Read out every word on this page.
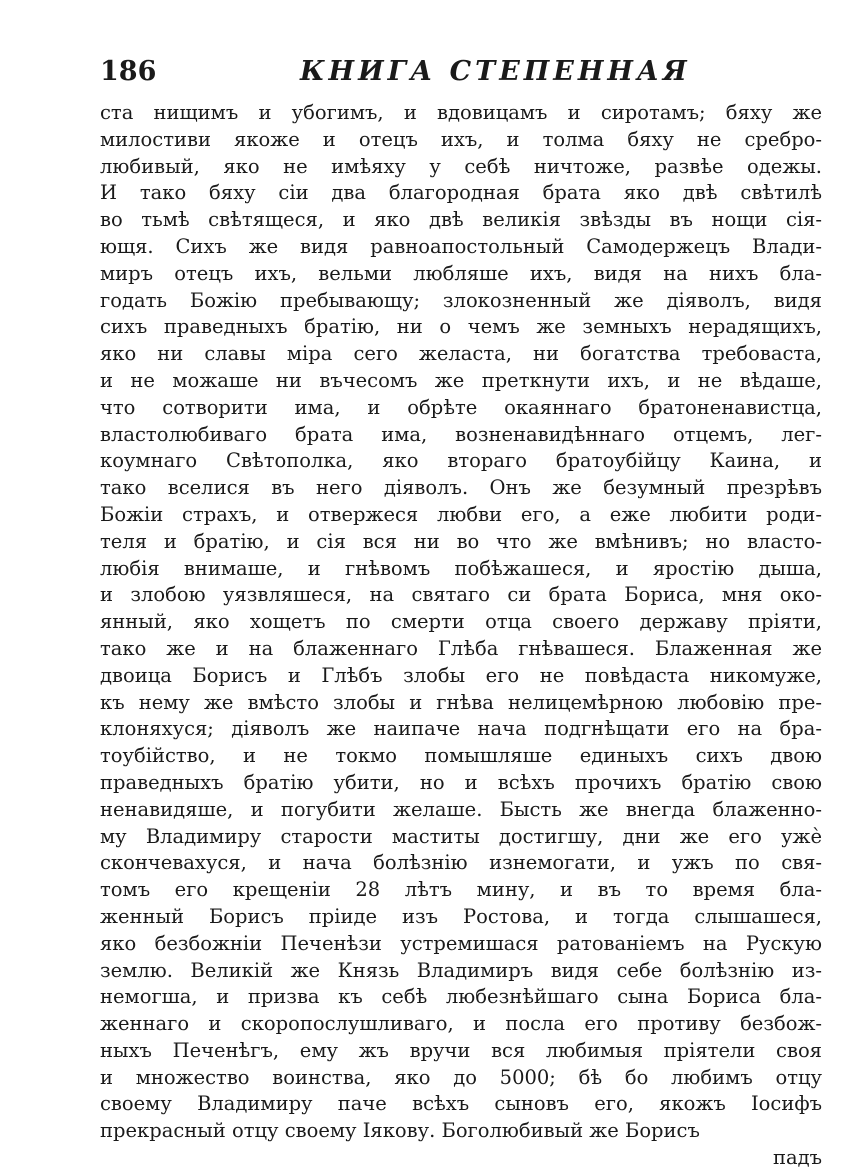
186	КНИГА СТЕПЕННАЯ
ста нищимъ и убогимъ, и вдовицамъ и сиротамъ; бяху же
милостиви якоже и отецъ ихъ, и толма бяху не сребро-
любивый, яко не имѣяху у себѣ ничтоже, развѣе одежы.
И тако бяху сіи два благородная брата яко двѣ свѣтилѣ
во тьмѣ свѣтящеся, и яко двѣ великія звѣзды въ нощи сія-
ющя. Сихъ же видя равноапостольный Самодержецъ Влади-
миръ отецъ ихъ, вельми любляше ихъ, видя на нихъ бла-
годать Божію пребывающу; злокозненный же діяволъ, видя
сихъ праведныхъ братію, ни о чемъ же земныхъ нерадящихъ,
яко ни славы міра сего желаста, ни богатства требоваста,
и не можаше ни въчесомъ же преткнути ихъ, и не вѣдаше,
что сотворити има, и обрѣте окаяннаго братоненавистца,
властолюбиваго брата има, возненавидѣннаго отцемъ, лег-
коумнаго Свѣтополка, яко втораго братоубійцу Каина, и
тако вселися въ него діяволъ. Онъ же безумный презрѣвъ
Божіи страхъ, и отвержеся любви его, а еже любити роди-
теля и братію, и сія вся ни во что же вмѣнивъ; но власто-
любія внимаше, и гнѣвомъ побѣжашеся, и яростію дыша,
и злобою уязвляшеся, на святаго си брата Бориса, мня око-
янный, яко хощетъ по смерти отца своего державу пріяти,
тако же и на блаженнаго Глѣба гнѣвашеся. Блаженная же
двоица Борисъ и Глѣбъ злобы его не повѣдаста никомуже,
къ нему же вмѣсто злобы и гнѣва нелицемѣрною любовію пре-
клоняхуся; діяволъ же наипаче нача подгнѣщати его на бра-
тоубійство, и не токмо помышляше единыхъ сихъ двою
праведныхъ братію убити, но и всѣхъ прочихъ братію свою
ненавидяше, и погубити желаше. Бысть же внегда блаженно-
му Владимиру старости маститы достигшу, дни же его ужѐ
скончевахуся, и нача болѣзнію изнемогати, и ужъ по свя-
томъ его крещеніи 28 лѣтъ мину, и въ то время бла-
женный Борисъ пріиде изъ Ростова, и тогда слышашеся,
яко безбожніи Печенѣзи устремишася ратованіемъ на Рускую
землю. Великій же Князь Владимиръ видя себе болѣзнію из-
немогша, и призва къ себѣ любезнѣйшаго сына Бориса бла-
женнаго и скоропослушливаго, и посла его противу безбож-
ныхъ Печенѣгъ, ему жъ вручи вся любимыя пріятели своя
и множество воинства, яко до 5000; бѣ бо любимъ отцу
своему Владимиру паче всѣхъ сыновъ его, якожъ Іосифъ
прекрасный отцу своему Іякову. Боголюбивый же Борисъ
падъ
